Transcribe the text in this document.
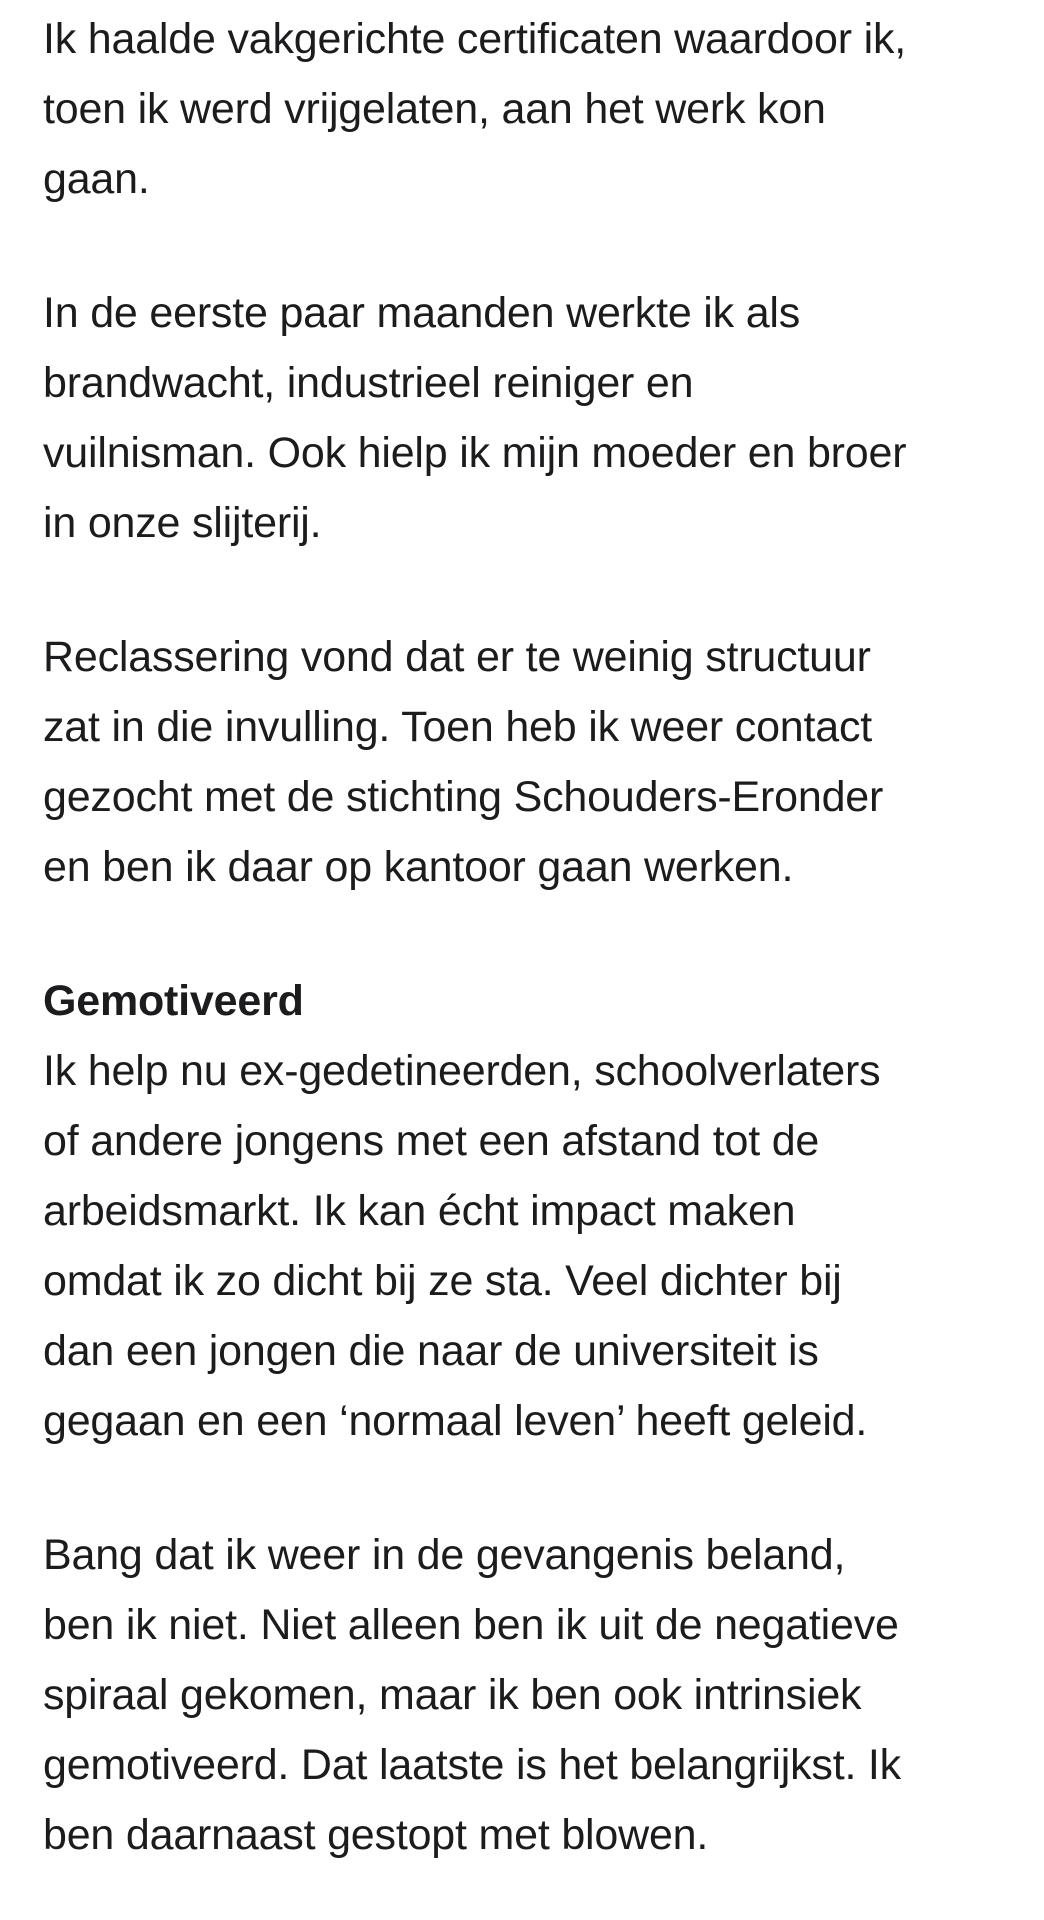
Ik haalde vakgerichte certificaten waardoor ik,
toen ik werd vrijgelaten, aan het werk kon
gaan.

In de eerste paar maanden werkte ik als
brandwacht, industrieel reiniger en
vuilnisman. Ook hielp ik mijn moeder en broer
in onze slijterij.

Reclassering vond dat er te weinig structuur
zat in die invulling. Toen heb ik weer contact
gezocht met de stichting Schouders-Eronder
en ben ik daar op kantoor gaan werken.

Gemotiveerd

Ik help nu ex-gedetineerden, schoolverlaters
of andere jongens met een afstand tot de
arbeidsmarkt. Ik kan écht impact maken
omdat ik zo dicht bij ze sta. Veel dichter bij
dan een jongen die naar de universiteit is
gegaan en een ‘normaal leven’ heeft geleid.

Bang dat ik weer in de gevangenis beland,
ben ik niet. Niet alleen ben ik uit de negatieve
spiraal gekomen, maar ik ben ook intrinsiek
gemotiveerd. Dat laatste is het belangrijkst. Ik
ben daarnaast gestopt met blowen.
